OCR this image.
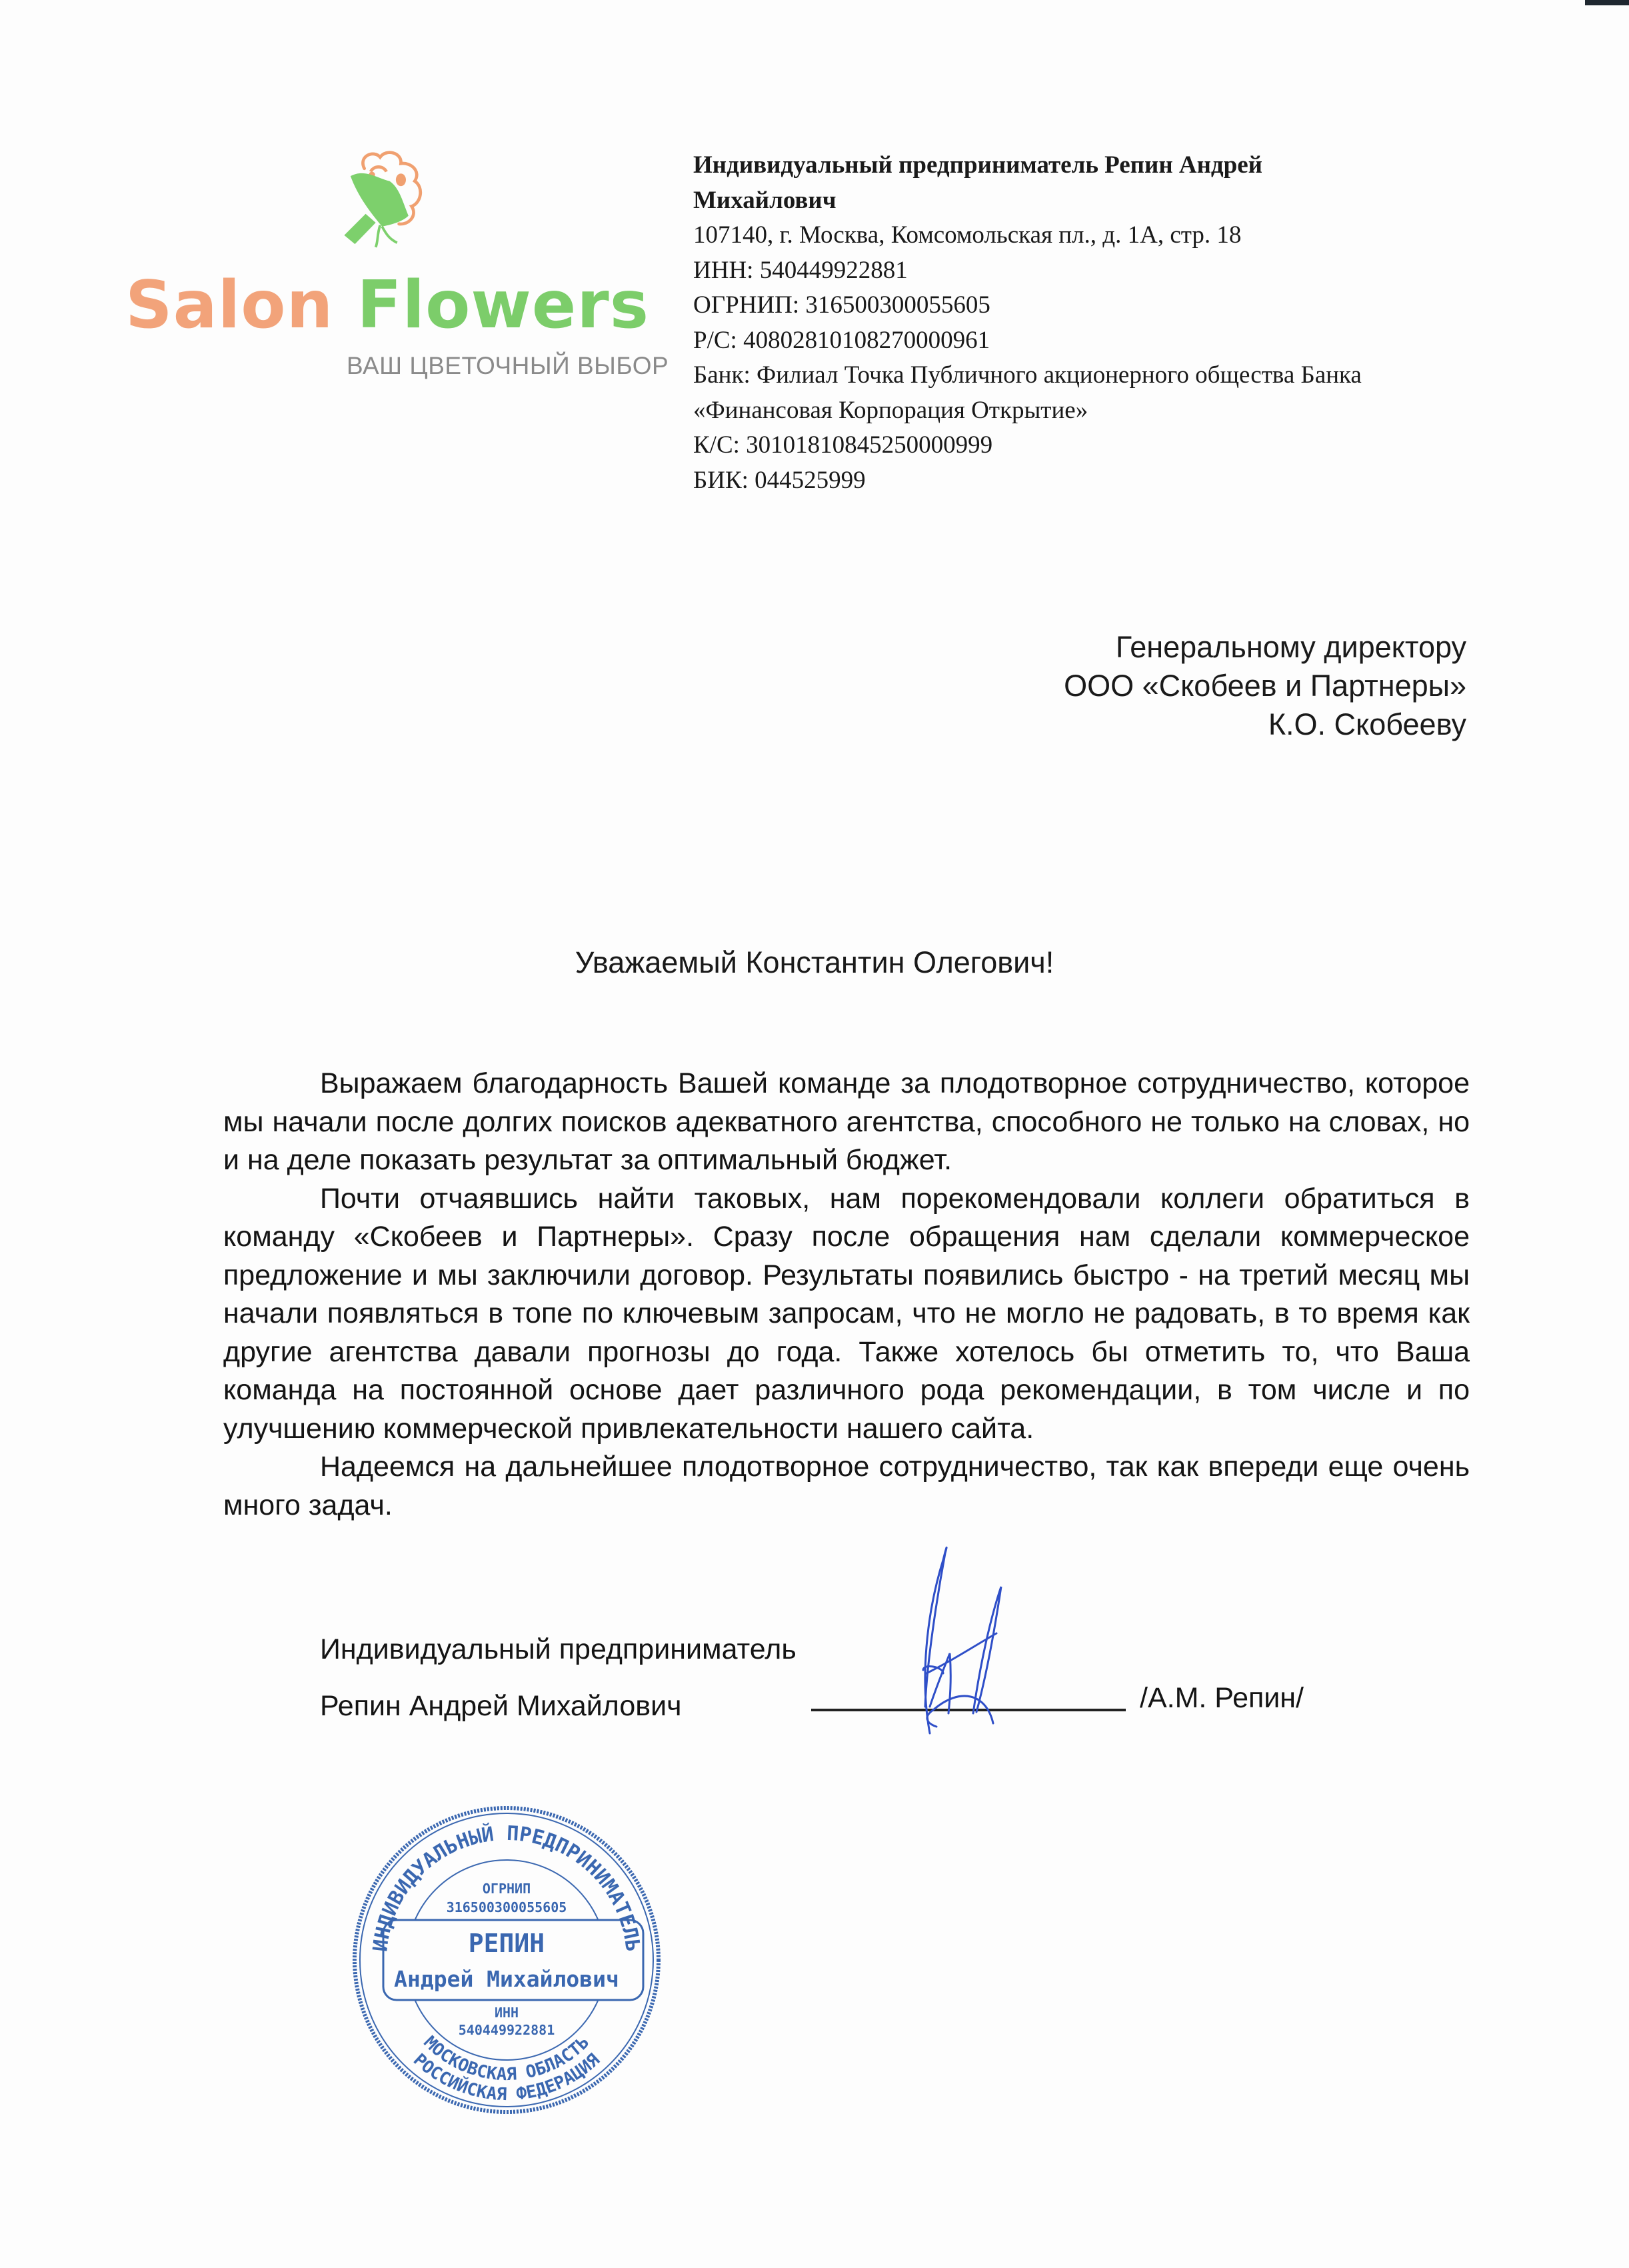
Salon Flowers
ВАШ ЦВЕТОЧНЫЙ ВЫБОР
Индивидуальный предприниматель Репин Андрей
Михайлович
107140, г. Москва, Комсомольская пл., д. 1А, стр. 18
ИНН: 540449922881
ОГРНИП: 316500300055605
Р/С: 40802810108270000961
Банк: Филиал Точка Публичного акционерного общества Банка
«Финансовая Корпорация Открытие»
К/С: 30101810845250000999
БИК: 044525999
Генеральному директору
ООО «Скобеев и Партнеры»
К.О. Скобееву
Уважаемый Константин Олегович!

Выражаем благодарность Вашей команде за плодотворное сотрудничество, которое мы начали после долгих поисков адекватного агентства, способного не только на словах, но и на деле показать результат за оптимальный бюджет.

Почти отчаявшись найти таковых, нам порекомендовали коллеги обратиться в команду «Скобеев и Партнеры». Сразу после обращения нам сделали коммерческое предложение и мы заключили договор. Результаты появились быстро - на третий месяц мы начали появляться в топе по ключевым запросам, что не могло не радовать, в то время как другие агентства давали прогнозы до года. Также хотелось бы отметить то, что Ваша команда на постоянной основе дает различного рода рекомендации, в том числе и по улучшению коммерческой привлекательности нашего сайта.

Надеемся на дальнейшее плодотворное сотрудничество, так как впереди еще очень много задач.

Индивидуальный предприниматель
Репин Андрей Михайлович	/А.М. Репин/
ИНДИВИДУАЛЬНЫЙ ПРЕДПРИНИМАТЕЛЬ
МОСКОВСКАЯ ОБЛАСТЬ
РОССИЙСКАЯ ФЕДЕРАЦИЯ
ОГРНИП
316500300055605
РЕПИН
Андрей Михайлович
ИНН
540449922881
